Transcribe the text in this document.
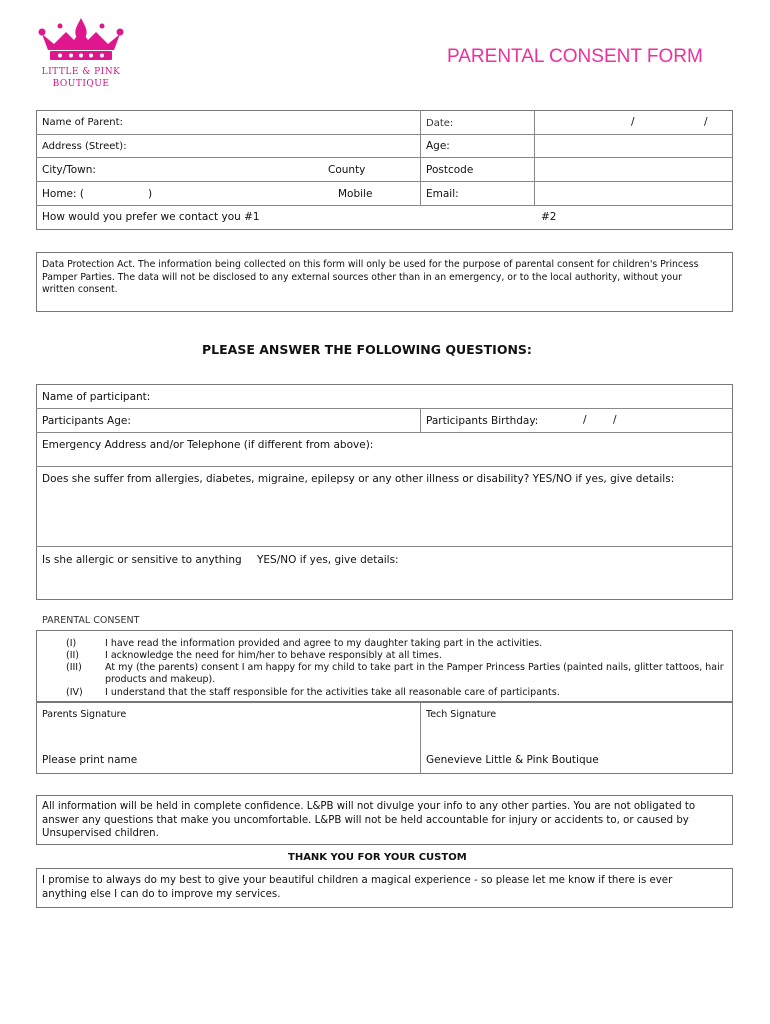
LITTLE & PINK
BOUTIQUE
PARENTAL CONSENT FORM
Name of Parent:	Date:	/	/
Address (Street):	Age:
City/Town:	County	Postcode
Home: (	)	Mobile	Email:
How would you prefer we contact you #1	#2
Data Protection Act. The information being collected on this form will only be used for the purpose of parental consent for children's Princess
Pamper Parties. The data will not be disclosed to any external sources other than in an emergency, or to the local authority, without your
written consent.
PLEASE ANSWER THE FOLLOWING QUESTIONS:
Name of participant:
Participants Age:	Participants Birthday:	/	/
Emergency Address and/or Telephone (if different from above):
Does she suffer from allergies, diabetes, migraine, epilepsy or any other illness or disability? YES/NO if yes, give details:
Is she allergic or sensitive to anything YES/NO if yes, give details:
PARENTAL CONSENT
(I)	I have read the information provided and agree to my daughter taking part in the activities.
(II)	I acknowledge the need for him/her to behave responsibly at all times.
(III) At my (the parents) consent I am happy for my child to take part in the Pamper Princess Parties (painted nails, glitter tattoos, hair
products and makeup).
(IV) I understand that the staff responsible for the activities take all reasonable care of participants.
Parents Signature	Tech Signature
Please print name	Genevieve Little & Pink Boutique
All information will be held in complete confidence. L&PB will not divulge your info to any other parties. You are not obligated to
answer any questions that make you uncomfortable. L&PB will not be held accountable for injury or accidents to, or caused by
Unsupervised children.
THANK YOU FOR YOUR CUSTOM
I promise to always do my best to give your beautiful children a magical experience - so please let me know if there is ever
anything else I can do to improve my services.
